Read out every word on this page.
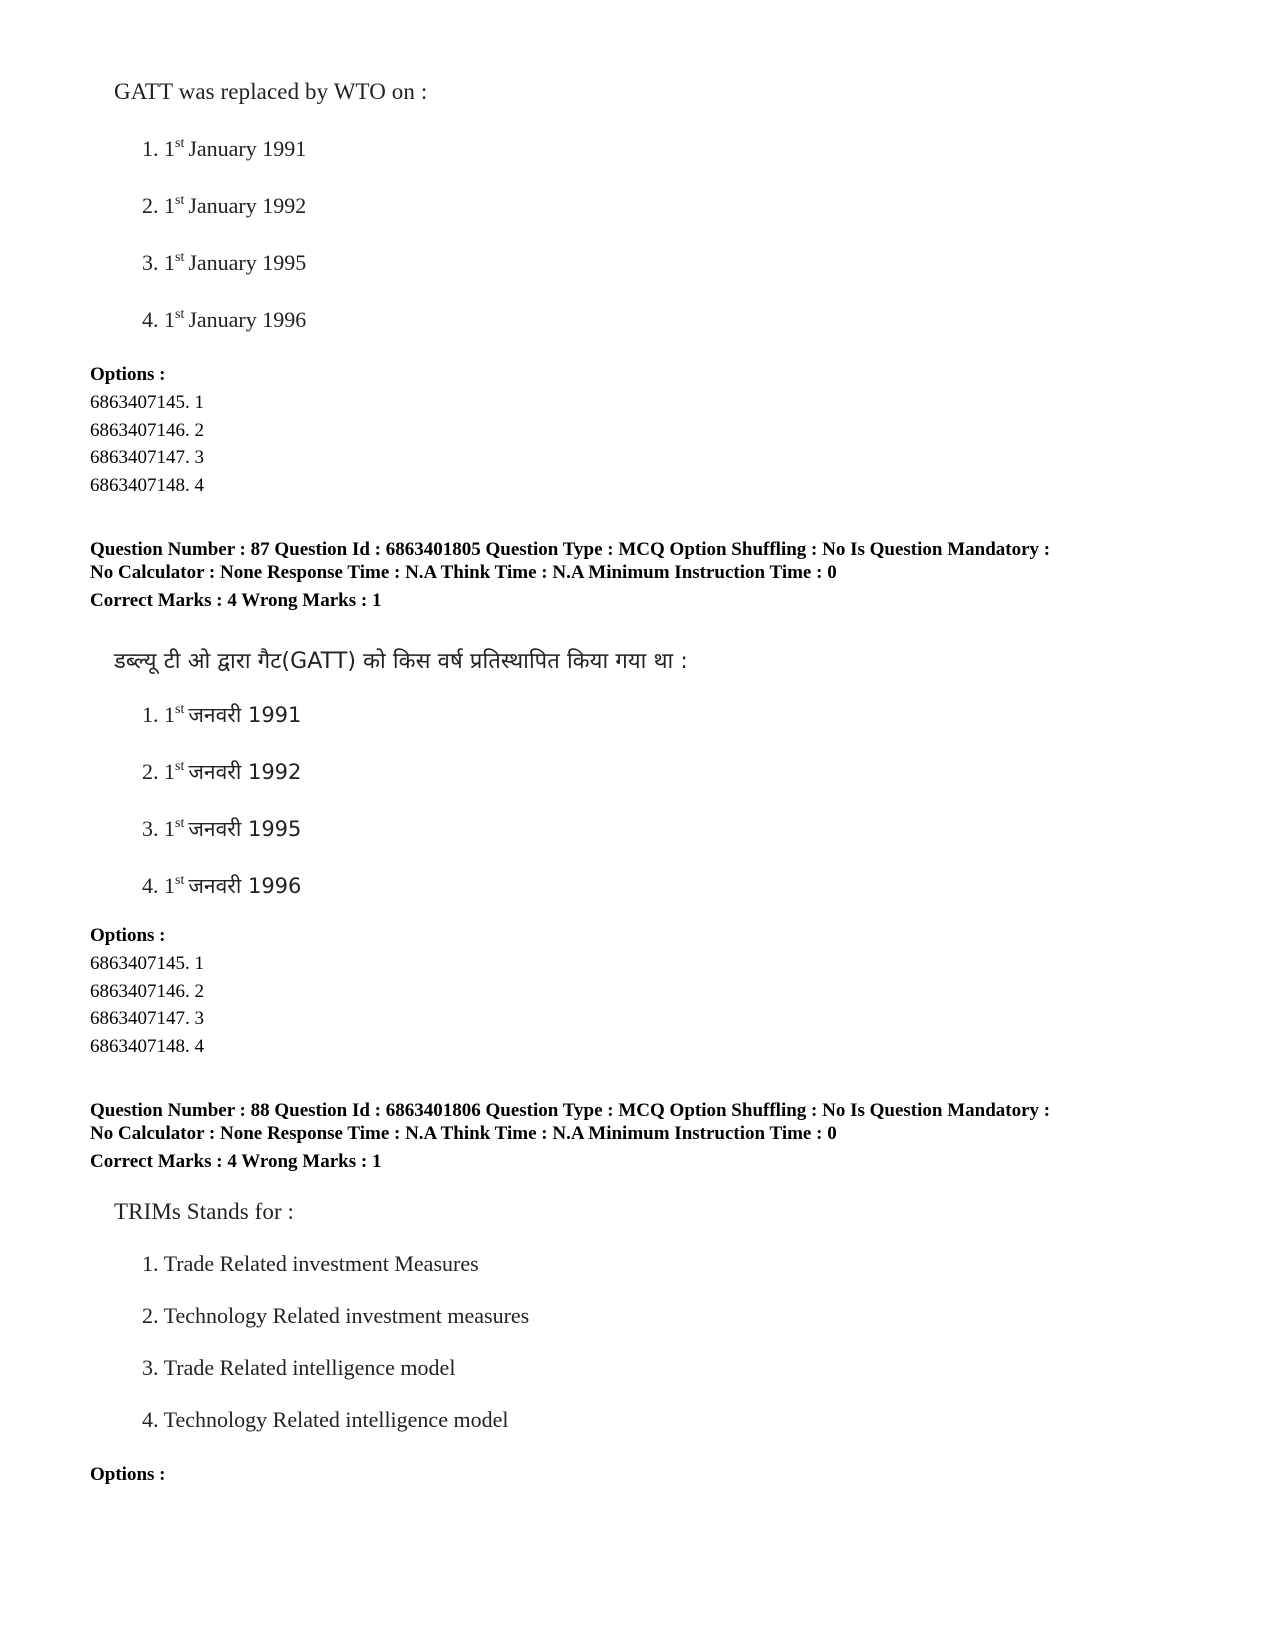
GATT was replaced by WTO on :
1. 1st January 1991
2. 1st January 1992
3. 1st January 1995
4. 1st January 1996
Options :
6863407145. 1
6863407146. 2
6863407147. 3
6863407148. 4
Question Number : 87 Question Id : 6863401805 Question Type : MCQ Option Shuffling : No Is Question Mandatory :
No Calculator : None Response Time : N.A Think Time : N.A Minimum Instruction Time : 0
Correct Marks : 4 Wrong Marks : 1
डब्ल्यू टी ओ द्वारा गैट(GATT) को किस वर्ष प्रतिस्थापित किया गया था :
1. 1st जनवरी 1991
2. 1st जनवरी 1992
3. 1st जनवरी 1995
4. 1st जनवरी 1996
Options :
6863407145. 1
6863407146. 2
6863407147. 3
6863407148. 4
Question Number : 88 Question Id : 6863401806 Question Type : MCQ Option Shuffling : No Is Question Mandatory :
No Calculator : None Response Time : N.A Think Time : N.A Minimum Instruction Time : 0
Correct Marks : 4 Wrong Marks : 1
TRIMs Stands for :
1. Trade Related investment Measures
2. Technology Related investment measures
3. Trade Related intelligence model
4. Technology Related intelligence model
Options :
